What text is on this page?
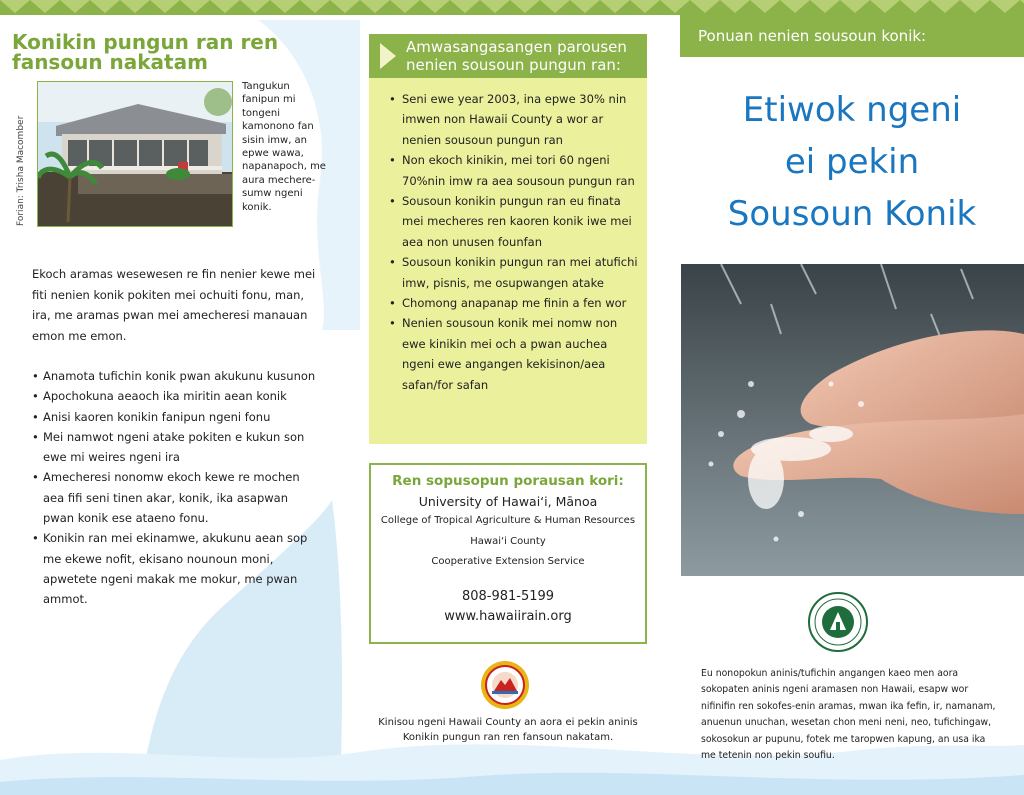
Konikin pungun ran ren fansoun nakatam
Forian: Trisha Macomber
Tangukun fanipun mi tongeni kamonono fan sisin imw, an epwe wawa, napanapoch, me aura mechere-sumw ngeni konik.
Ekoch aramas wesewesen re fin nenier kewe mei fiti nenien konik pokiten mei ochuiti fonu, man, ira, me aramas pwan mei amecheresi manauan emon me emon.
• Anamota tufichin konik pwan akukunu kusunon
• Apochokuna aeaoch ika miritin aean konik
• Anisi kaoren konikin fanipun ngeni fonu
• Mei namwot ngeni atake pokiten e kukun son ewe mi weires ngeni ira
• Amecheresi nonomw ekoch kewe re mochen aea fifi seni tinen akar, konik, ika asapwan pwan konik ese ataeno fonu.
• Konikin ran mei ekinamwe, akukunu aean sop me ekewe nofit, ekisano nounoun moni, apwetete ngeni makak me mokur, me pwan ammot.
Amwasangasangen parousen nenien sousoun pungun ran:
• Seni ewe year 2003, ina epwe 30% nin imwen non Hawaii County a wor ar nenien sousoun pungun ran
• Non ekoch kinikin, mei tori 60 ngeni 70%nin imw ra aea sousoun pungun ran
• Sousoun konikin pungun ran eu finata mei mecheres ren kaoren konik iwe mei aea non unusen founfan
• Sousoun konikin pungun ran mei atufichi imw, pisnis, me osupwangen atake
• Chomong anapanap me finin a fen wor
• Nenien sousoun konik mei nomw non ewe kinikin mei och a pwan auchea ngeni ewe angangen kekisinon/aea safan/for safan
Ren sopusopun porausan kori:
University of Hawai‘i, Mānoa
College of Tropical Agriculture & Human Resources
Hawai‘i County
Cooperative Extension Service
808-981-5199
www.hawaiirain.org
Kinisou ngeni Hawaii County an aora ei pekin aninis Konikin pungun ran ren fansoun nakatam.
Ponuan nenien sousoun konik:
Etiwok ngeni
ei pekin
Sousoun Konik
Eu nonopokun aninis/tufichin angangen kaeo men aora sokopaten aninis ngeni aramasen non Hawaii, esapw wor nifinifin ren sokofes-enin aramas, mwan ika fefin, ir, namanam, anuenun unuchan, wesetan chon meni neni, neo, tufichingaw, sokosokun ar pupunu, fotek me taropwen kapung, an usa ika me tetenin non pekin soufiu.
